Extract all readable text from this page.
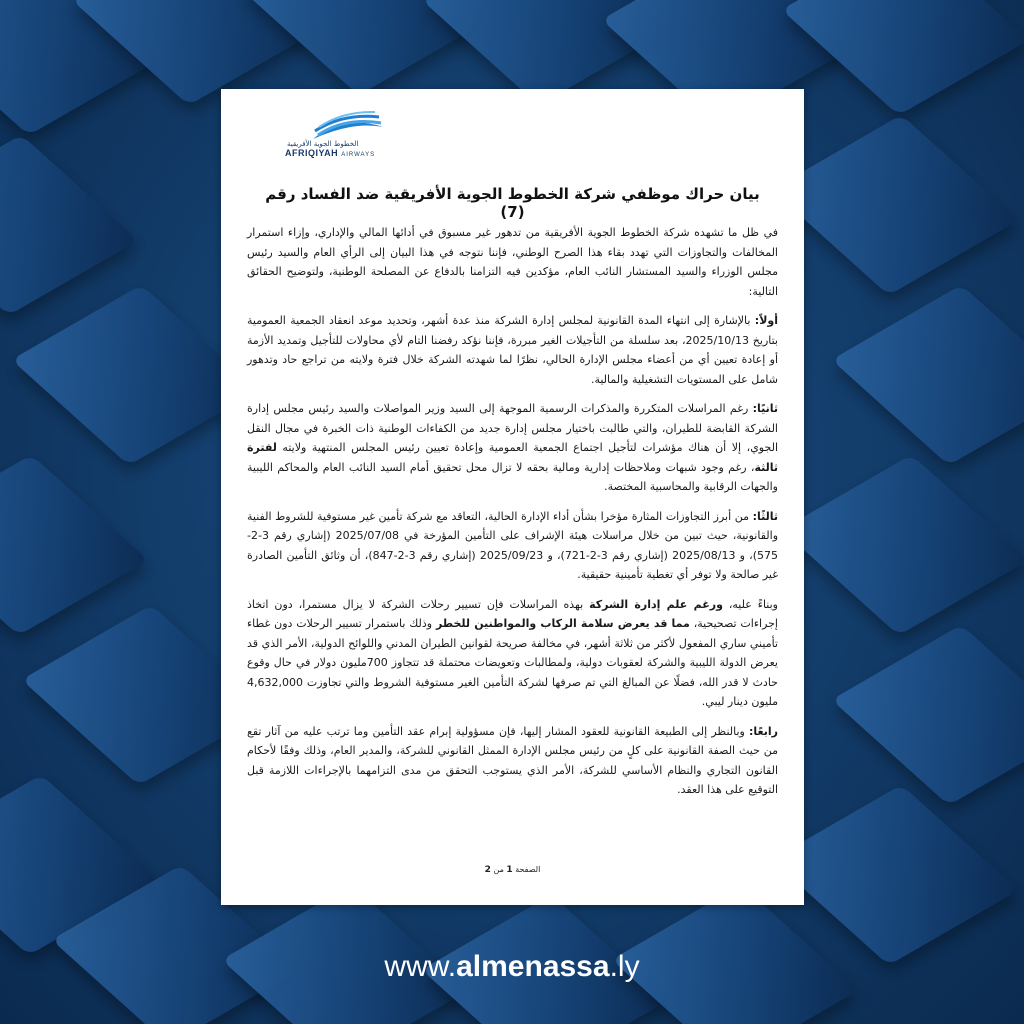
الخطوط الجوية الأفريقية
AFRIQIYAH AIRWAYS
بيان حراك موظفي شركة الخطوط الجوية الأفريقية ضد الفساد رقم (7)

في ظل ما تشهده شركة الخطوط الجوية الأفريقية من تدهور غير مسبوق في أدائها المالي والإداري، وإزاء استمرار المخالفات والتجاوزات التي تهدد بقاء هذا الصرح الوطني، فإننا نتوجه في هذا البيان إلى الرأي العام والسيد رئيس مجلس الوزراء والسيد المستشار النائب العام، مؤكدين فيه التزامنا بالدفاع عن المصلحة الوطنية، ولتوضيح الحقائق التالية:

أولاً: بالإشارة إلى انتهاء المدة القانونية لمجلس إدارة الشركة منذ عدة أشهر، وتحديد موعد انعقاد الجمعية العمومية بتاريخ 2025/10/13، بعد سلسلة من التأجيلات الغير مبررة، فإننا نؤكد رفضنا التام لأي محاولات للتأجيل وتمديد الأزمة أو إعادة تعيين أي من أعضاء مجلس الإدارة الحالي، نظرًا لما شهدته الشركة خلال فترة ولايته من تراجع حاد وتدهور شامل على المستويات التشغيلية والمالية.

ثانيًا: رغم المراسلات المتكررة والمذكرات الرسمية الموجهة إلى السيد وزير المواصلات والسيد رئيس مجلس إدارة الشركة القابضة للطيران، والتي طالبت باختيار مجلس إدارة جديد من الكفاءات الوطنية ذات الخبرة في مجال النقل الجوي، إلا أن هناك مؤشرات لتأجيل اجتماع الجمعية العمومية وإعادة تعيين رئيس المجلس المنتهية ولايته لفترة ثالثة، رغم وجود شبهات وملاحظات إدارية ومالية بحقه لا تزال محل تحقيق أمام السيد النائب العام والمحاكم الليبية والجهات الرقابية والمحاسبية المختصة.

ثالثًا: من أبرز التجاوزات المثارة مؤخرا بشأن أداء الإدارة الحالية، التعاقد مع شركة تأمين غير مستوفية للشروط الفنية والقانونية، حيث تبين من خلال مراسلات هيئة الإشراف على التأمين المؤرخة في 2025/07/08 (إشاري رقم 3-2-575)، و 2025/08/13 (إشاري رقم 3-2-721)، و 2025/09/23 (إشاري رقم 3-2-847)، أن وثائق التأمين الصادرة غير صالحة ولا توفر أي تغطية تأمينية حقيقية.

وبناءً عليه، ورغم علم إدارة الشركة بهذه المراسلات فإن تسيير رحلات الشركة لا يزال مستمرا، دون اتخاذ إجراءات تصحيحية، مما قد يعرض سلامة الركاب والمواطنين للخطر وذلك باستمرار تسيير الرحلات دون غطاء تأميني ساري المفعول لأكثر من ثلاثة أشهر، في مخالفة صريحة لقوانين الطيران المدني واللوائح الدولية، الأمر الذي قد يعرض الدولة الليبية والشركة لعقوبات دولية، ولمطالبات وتعويضات محتملة قد تتجاوز 700مليون دولار في حال وقوع حادث لا قدر الله، فضلًا عن المبالغ التي تم صرفها لشركة التأمين الغير مستوفية الشروط والتي تجاوزت 4,632,000 مليون دينار ليبي.

رابعًا: وبالنظر إلى الطبيعة القانونية للعقود المشار إليها، فإن مسؤولية إبرام عقد التأمين وما ترتب عليه من آثار تقع من حيث الصفة القانونية على كلٍ من رئيس مجلس الإدارة الممثل القانوني للشركة، والمدير العام، وذلك وفقًا لأحكام القانون التجاري والنظام الأساسي للشركة، الأمر الذي يستوجب التحقق من مدى التزامهما بالإجراءات اللازمة قبل التوقيع على هذا العقد.

الصفحة 1 من 2
www.almenassa.ly
